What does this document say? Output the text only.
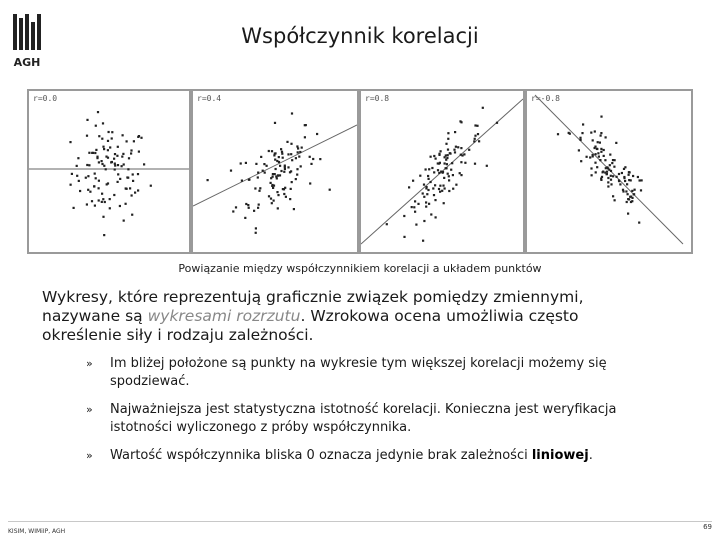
AGH
Współczynnik korelacji
r=0.0	r=0.4	r=0.8	r=-0.8
Powiązanie między współczynnikiem korelacji a układem punktów
Wykresy, które reprezentują graficznie związek pomiędzy zmiennymi, nazywane są wykresami rozrzutu. Wzrokowa ocena umożliwia często określenie siły i rodzaju zależności.
» Im bliżej położone są punkty na wykresie tym większej korelacji możemy się spodziewać.
» Najważniejsza jest statystyczna istotność korelacji. Konieczna jest weryfikacja istotności wyliczonego z próby współczynnika.
» Wartość współczynnika bliska 0 oznacza jedynie brak zależności liniowej.
KISIM, WIMiIP, AGH
69
